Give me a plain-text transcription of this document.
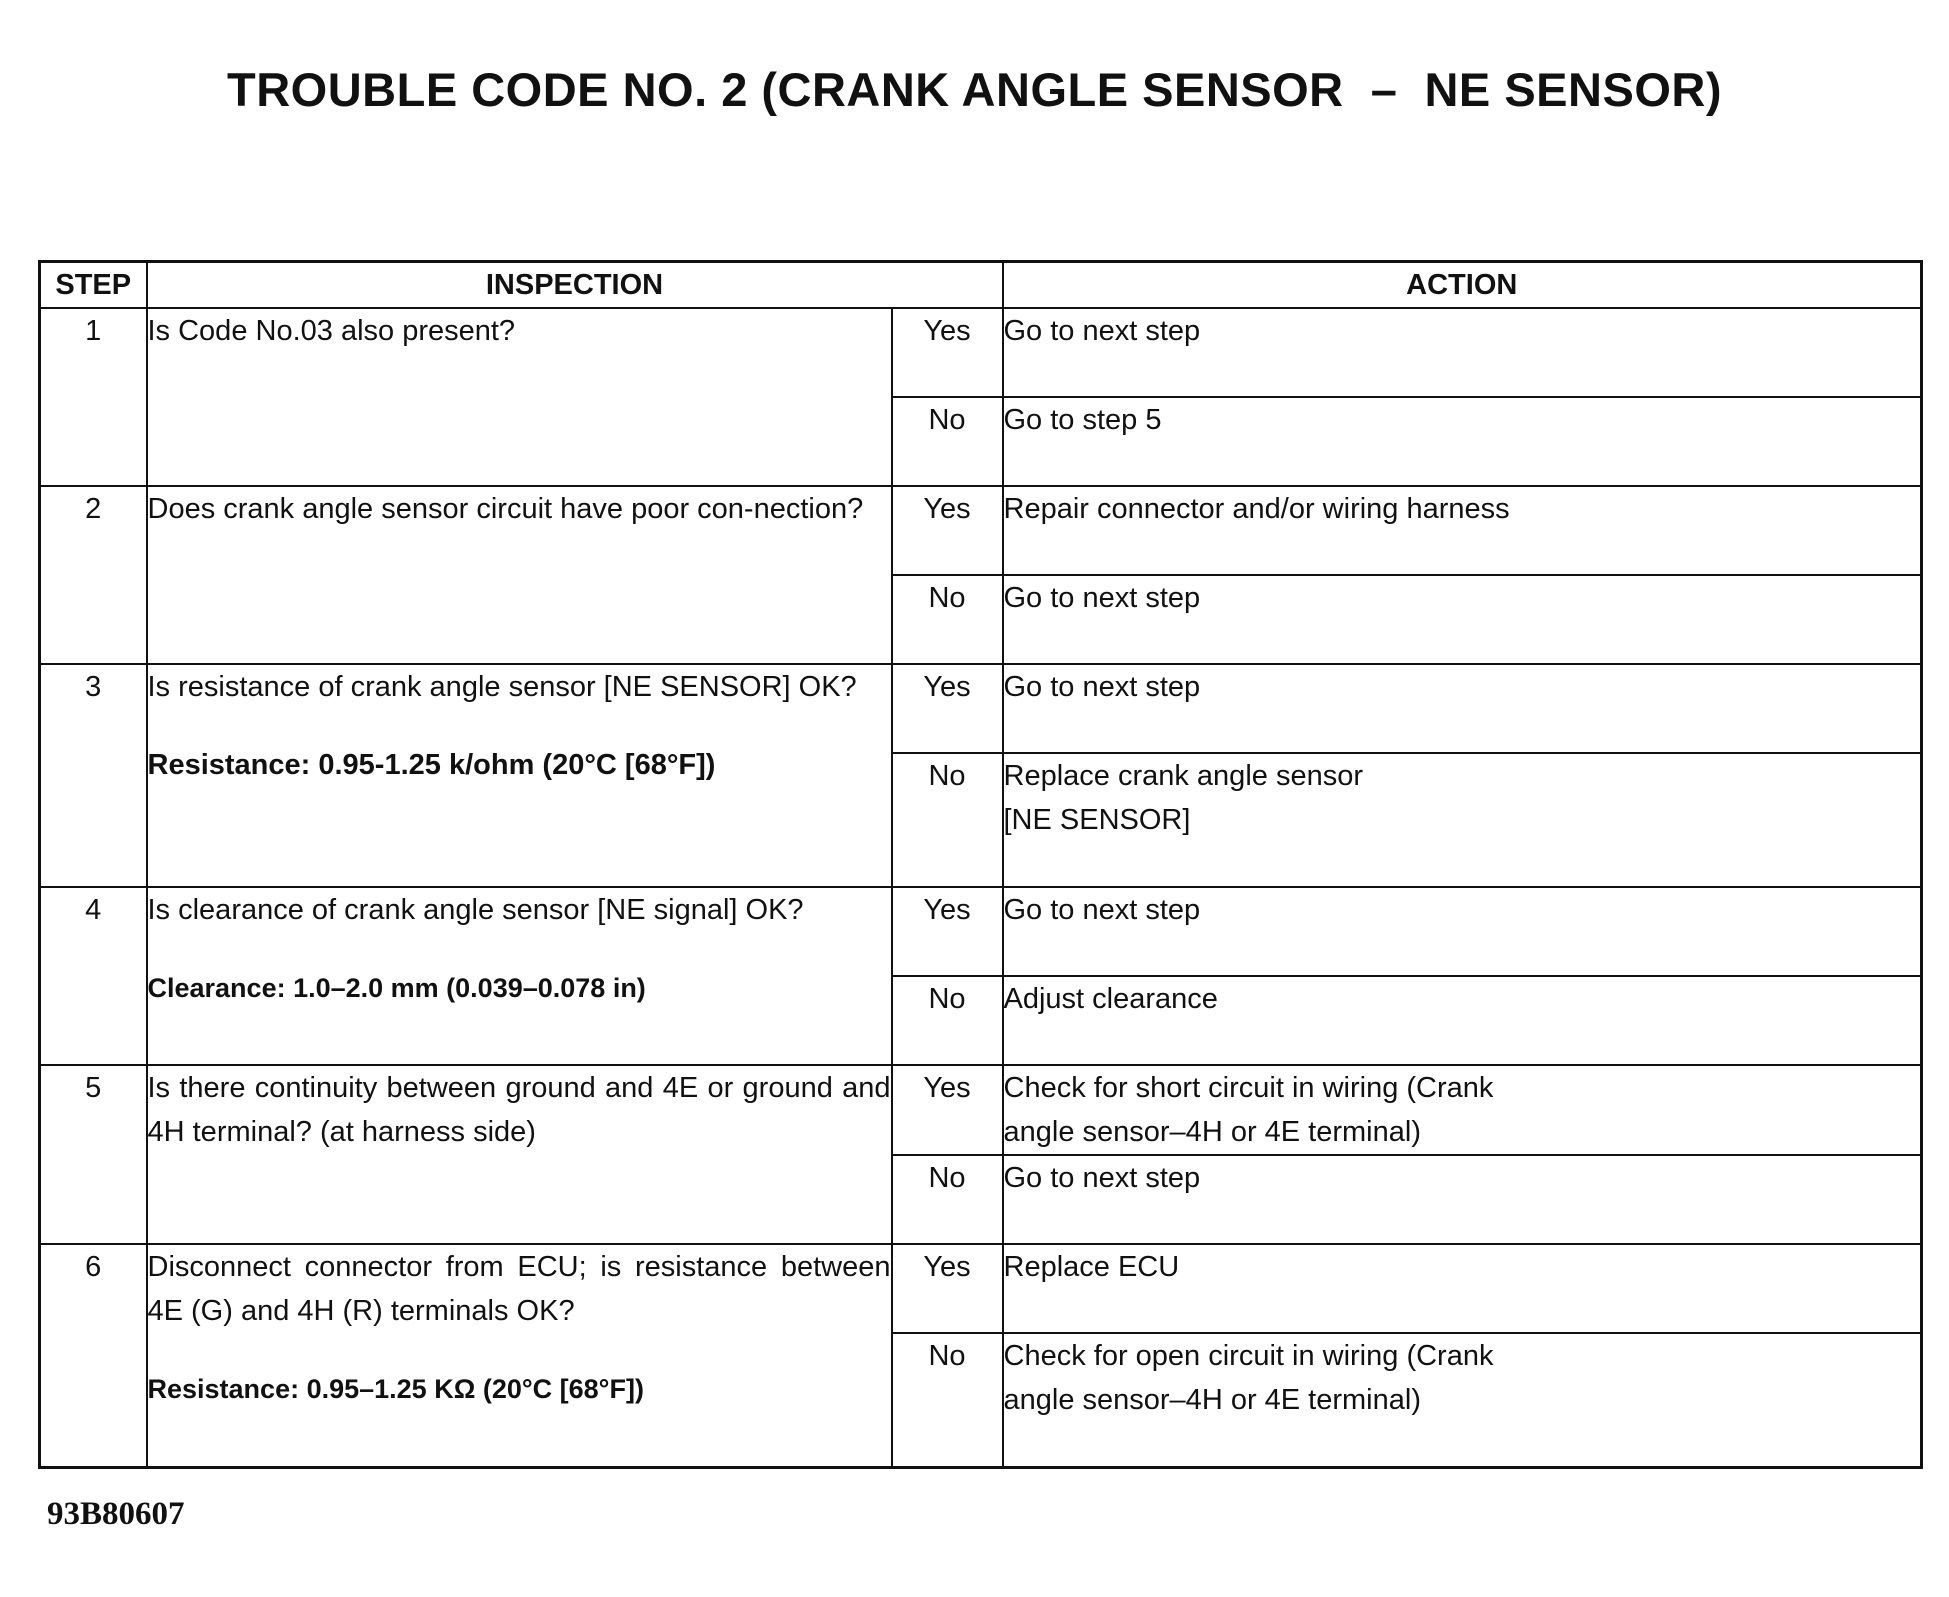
TROUBLE CODE NO. 2 (CRANK ANGLE SENSOR  –  NE SENSOR)
STEP	INSPECTION		ACTION
1	Is Code No.03 also present?	Yes	Go to next step

		No	Go to step 5

2	Does crank angle sensor circuit have poor con-nection?	Yes	Repair connector and/or wiring harness

		No	Go to next step

3	Is resistance of crank angle sensor [NE SENSOR] OK?
Resistance: 0.95-1.25 k/ohm (20°C [68°F])	Yes	Go to next step

		No	Replace crank angle sensor
[NE SENSOR]

4	Is clearance of crank angle sensor [NE signal] OK?
Clearance: 1.0–2.0 mm (0.039–0.078 in)	Yes	Go to next step

		No	Adjust clearance

5	Is there continuity between ground and 4E or ground and 4H terminal? (at harness side)	Yes	Check for short circuit in wiring (Crank
angle sensor–4H or 4E terminal)

		No	Go to next step

6	Disconnect connector from ECU; is resistance between 4E (G) and 4H (R) terminals OK?
Resistance: 0.95–1.25 KΩ (20°C [68°F])	Yes	Replace ECU

		No	Check for open circuit in wiring (Crank
angle sensor–4H or 4E terminal)
93B80607
